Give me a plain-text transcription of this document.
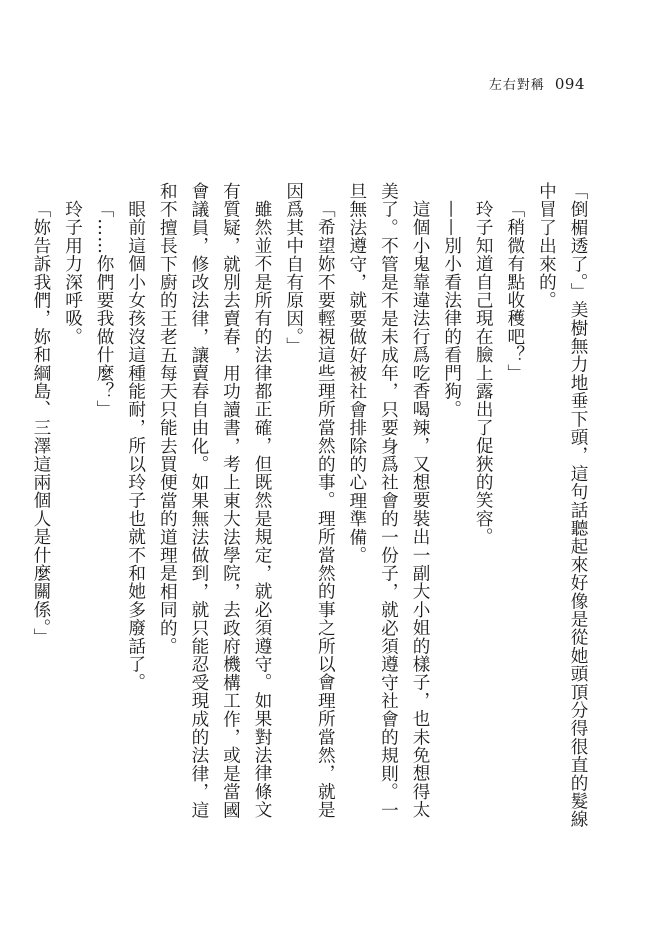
左右對稱 094

「倒楣透了。」美樹無力地垂下頭，這句話聽起來好像是從她頭頂分得很直的髮線中冒了出來的。

「稍微有點收穫吧？」

玲子知道自己現在臉上露出了促狹的笑容。

——別小看法律的看門狗。

這個小鬼靠違法行爲吃香喝辣，又想要裝出一副大小姐的樣子，也未免想得太美了。不管是不是未成年，只要身爲社會的一份子，就必須遵守社會的規則。一旦無法遵守，就要做好被社會排除的心理準備。

「希望妳不要輕視這些理所當然的事。理所當然的事之所以會理所當然，就是因爲其中自有原因。」

雖然並不是所有的法律都正確，但既然是規定，就必須遵守。如果對法律條文有質疑，就別去賣春，用功讀書，考上東大法學院，去政府機構工作，或是當國會議員，修改法律，讓賣春自由化。如果無法做到，就只能忍受現成的法律，這和不擅長下廚的王老五每天只能去買便當的道理是相同的。

眼前這個小女孩沒這種能耐，所以玲子也就不和她多廢話了。

「……你們要我做什麼？」

玲子用力深呼吸。

「妳告訴我們，妳和綱島、三澤這兩個人是什麼關係。」
